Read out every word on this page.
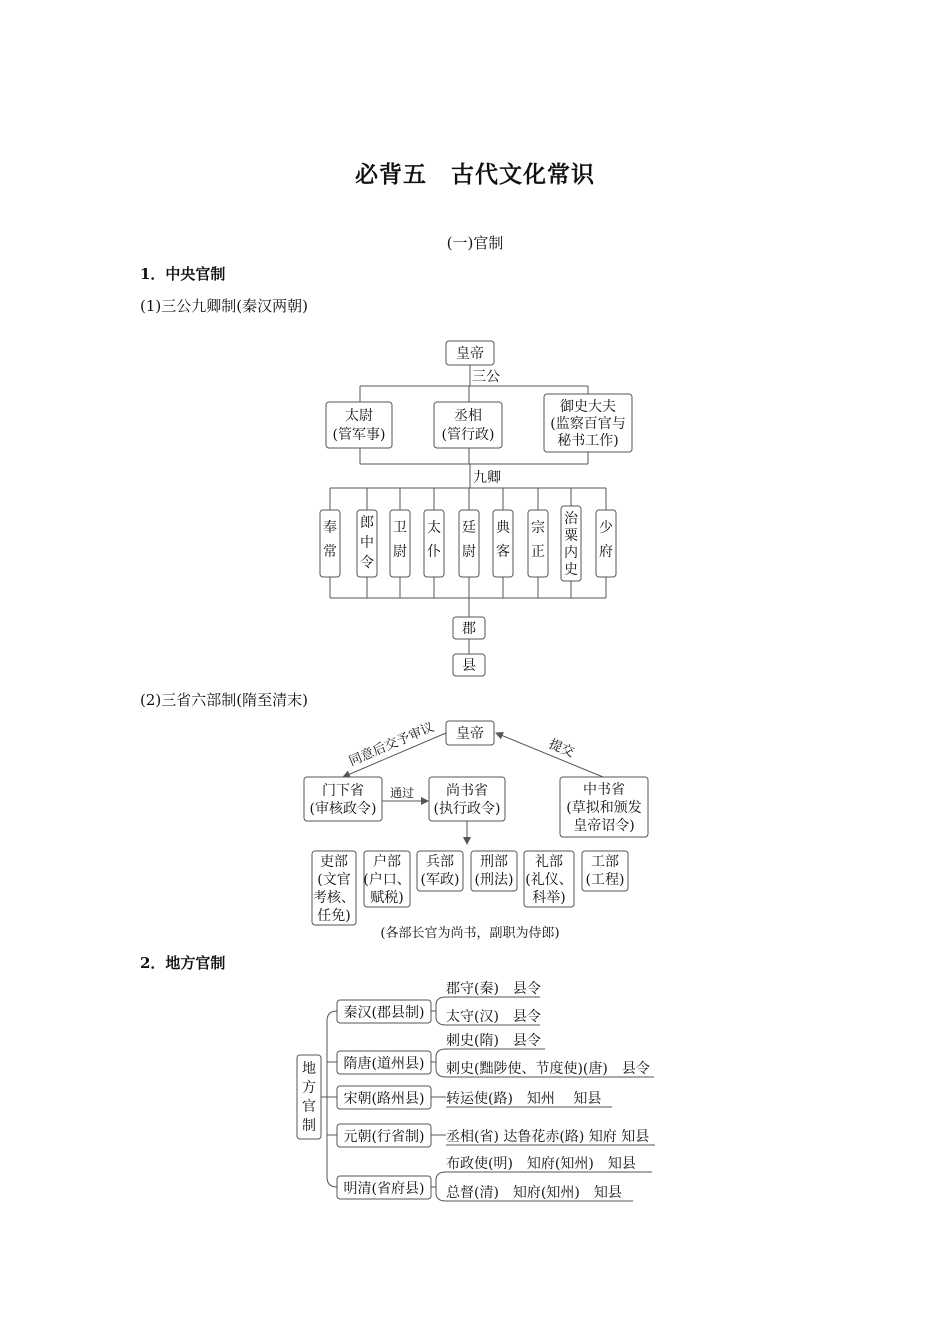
必背五　古代文化常识
(一)官制
1．中央官制
(1)三公九卿制(秦汉两朝)
(2)三省六部制(隋至清末)
2．地方官制
皇帝
三公
太尉
(管军事)
丞相
(管行政)
御史大夫
(监察百官与
秘书工作)
九卿
奉
常
郎
中
令
卫
尉
太
仆
廷
尉
典
客
宗
正
治
粟
内
史
少
府
郡
县
皇帝
同意后交予审议	提交
门下省
(审核政令)
通过 尚书省
(执行政令)
中书省
(草拟和颁发
皇帝诏令)
吏部
(文官
考核、
任免)
户部
(户口、
赋税)
兵部
(军政)
刑部
(刑法)
礼部
(礼仪、
科举)
工部
(工程)
(各部长官为尚书，副职为侍郎)
地
方
官
制
秦汉(郡县制)
隋唐(道州县)
宋朝(路州县)
元朝(行省制)
明清(省府县)
郡守(秦)　县令
太守(汉)　县令
刺史(隋)　县令
刺史(黜陟使、节度使)(唐)　县令
转运使(路)　知州　 知县
丞相(省) 达鲁花赤(路) 知府 知县
布政使(明)　知府(知州)　知县
总督(清)　知府(知州)　知县
